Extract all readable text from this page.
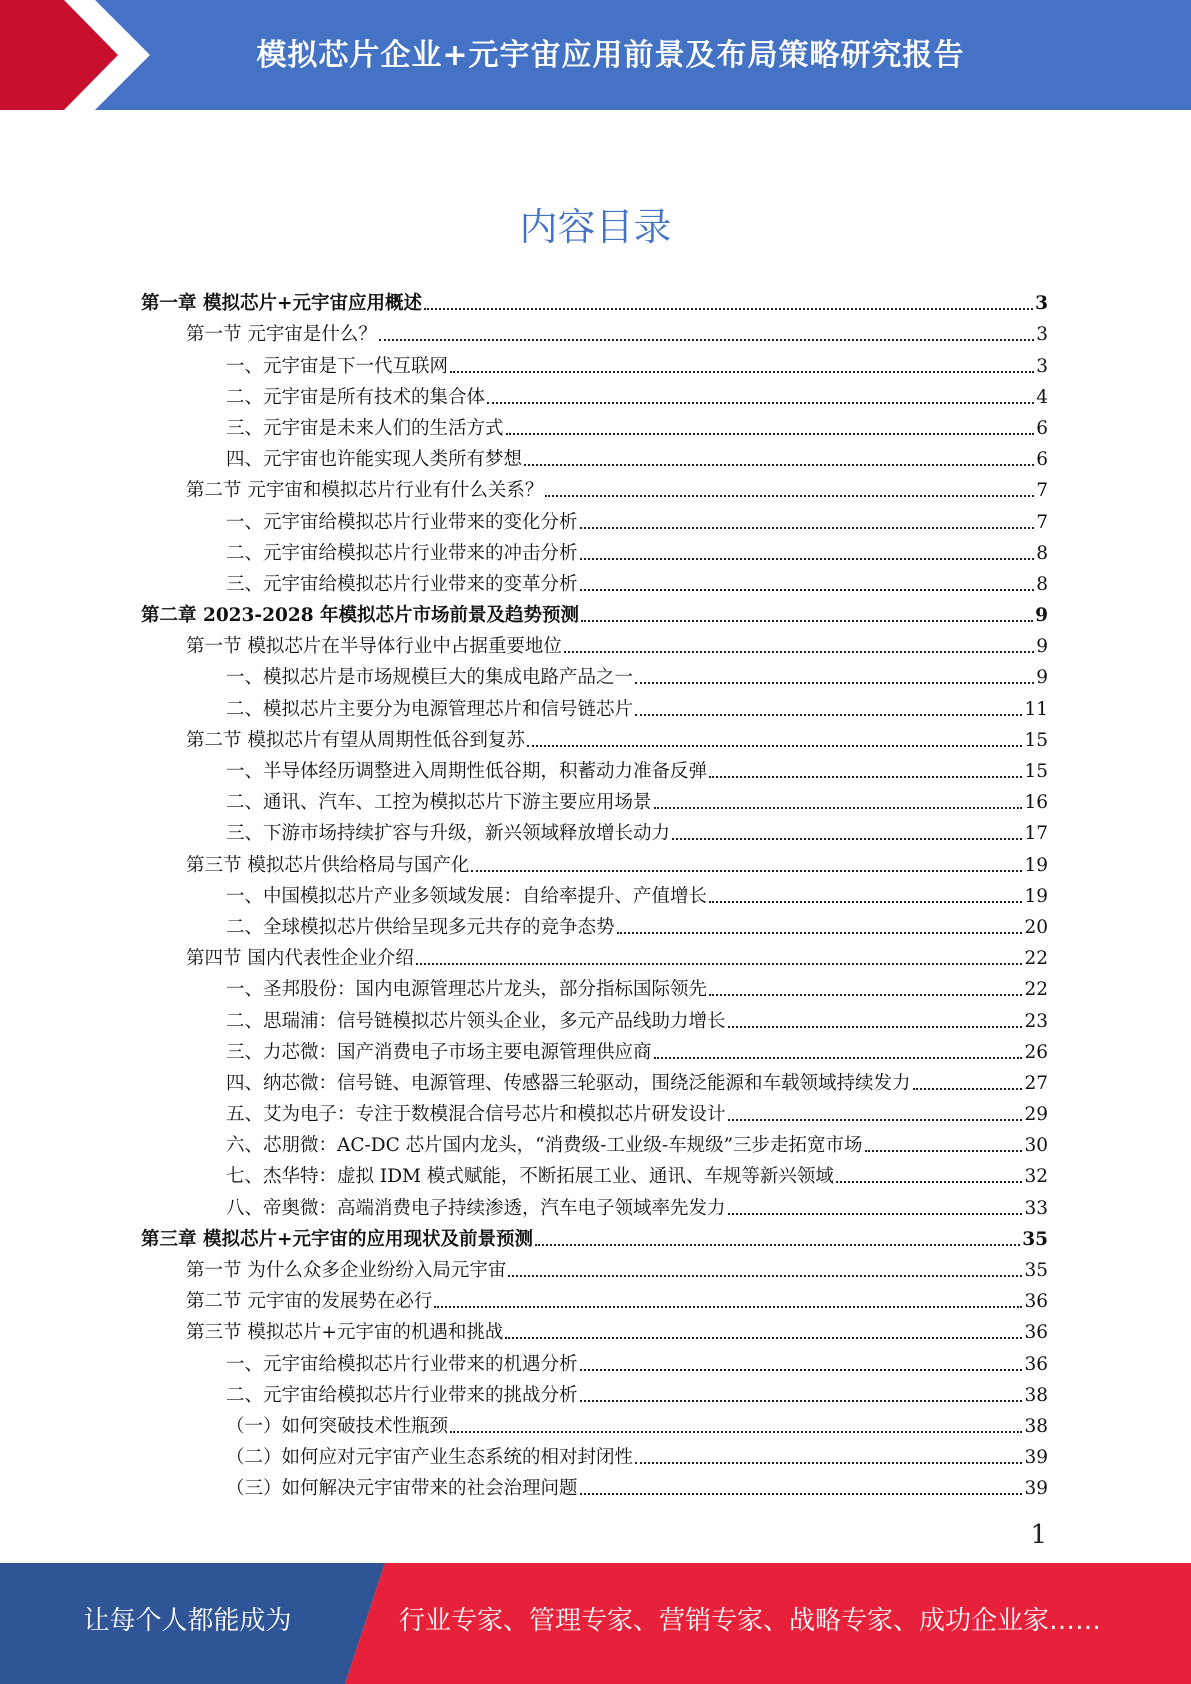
模拟芯片企业+元宇宙应用前景及布局策略研究报告
内容目录
第一章 模拟芯片+元宇宙应用概述	3
第一节 元宇宙是什么？	3
一、元宇宙是下一代互联网	3
二、元宇宙是所有技术的集合体	4
三、元宇宙是未来人们的生活方式	6
四、元宇宙也许能实现人类所有梦想	6
第二节 元宇宙和模拟芯片行业有什么关系？	7
一、元宇宙给模拟芯片行业带来的变化分析	7
二、元宇宙给模拟芯片行业带来的冲击分析	8
三、元宇宙给模拟芯片行业带来的变革分析	8
第二章 2023-2028 年模拟芯片市场前景及趋势预测	9
第一节 模拟芯片在半导体行业中占据重要地位	9
一、模拟芯片是市场规模巨大的集成电路产品之一	9
二、模拟芯片主要分为电源管理芯片和信号链芯片	11
第二节 模拟芯片有望从周期性低谷到复苏	15
一、半导体经历调整进入周期性低谷期，积蓄动力准备反弹	15
二、通讯、汽车、工控为模拟芯片下游主要应用场景	16
三、下游市场持续扩容与升级，新兴领域释放增长动力	17
第三节 模拟芯片供给格局与国产化	19
一、中国模拟芯片产业多领域发展：自给率提升、产值增长	19
二、全球模拟芯片供给呈现多元共存的竞争态势	20
第四节 国内代表性企业介绍	22
一、圣邦股份：国内电源管理芯片龙头，部分指标国际领先	22
二、思瑞浦：信号链模拟芯片领头企业，多元产品线助力增长	23
三、力芯微：国产消费电子市场主要电源管理供应商	26
四、纳芯微：信号链、电源管理、传感器三轮驱动，围绕泛能源和车载领域持续发力	27
五、艾为电子：专注于数模混合信号芯片和模拟芯片研发设计	29
六、芯朋微：AC-DC 芯片国内龙头，“消费级-工业级-车规级”三步走拓宽市场	30
七、杰华特：虚拟 IDM 模式赋能，不断拓展工业、通讯、车规等新兴领域	32
八、帝奥微：高端消费电子持续渗透，汽车电子领域率先发力	33
第三章 模拟芯片+元宇宙的应用现状及前景预测	35
第一节 为什么众多企业纷纷入局元宇宙	35
第二节 元宇宙的发展势在必行	36
第三节 模拟芯片+元宇宙的机遇和挑战	36
一、元宇宙给模拟芯片行业带来的机遇分析	36
二、元宇宙给模拟芯片行业带来的挑战分析	38
（一）如何突破技术性瓶颈	38
（二）如何应对元宇宙产业生态系统的相对封闭性	39
（三）如何解决元宇宙带来的社会治理问题	39
1
让每个人都能成为	行业专家、管理专家、营销专家、战略专家、成功企业家……
